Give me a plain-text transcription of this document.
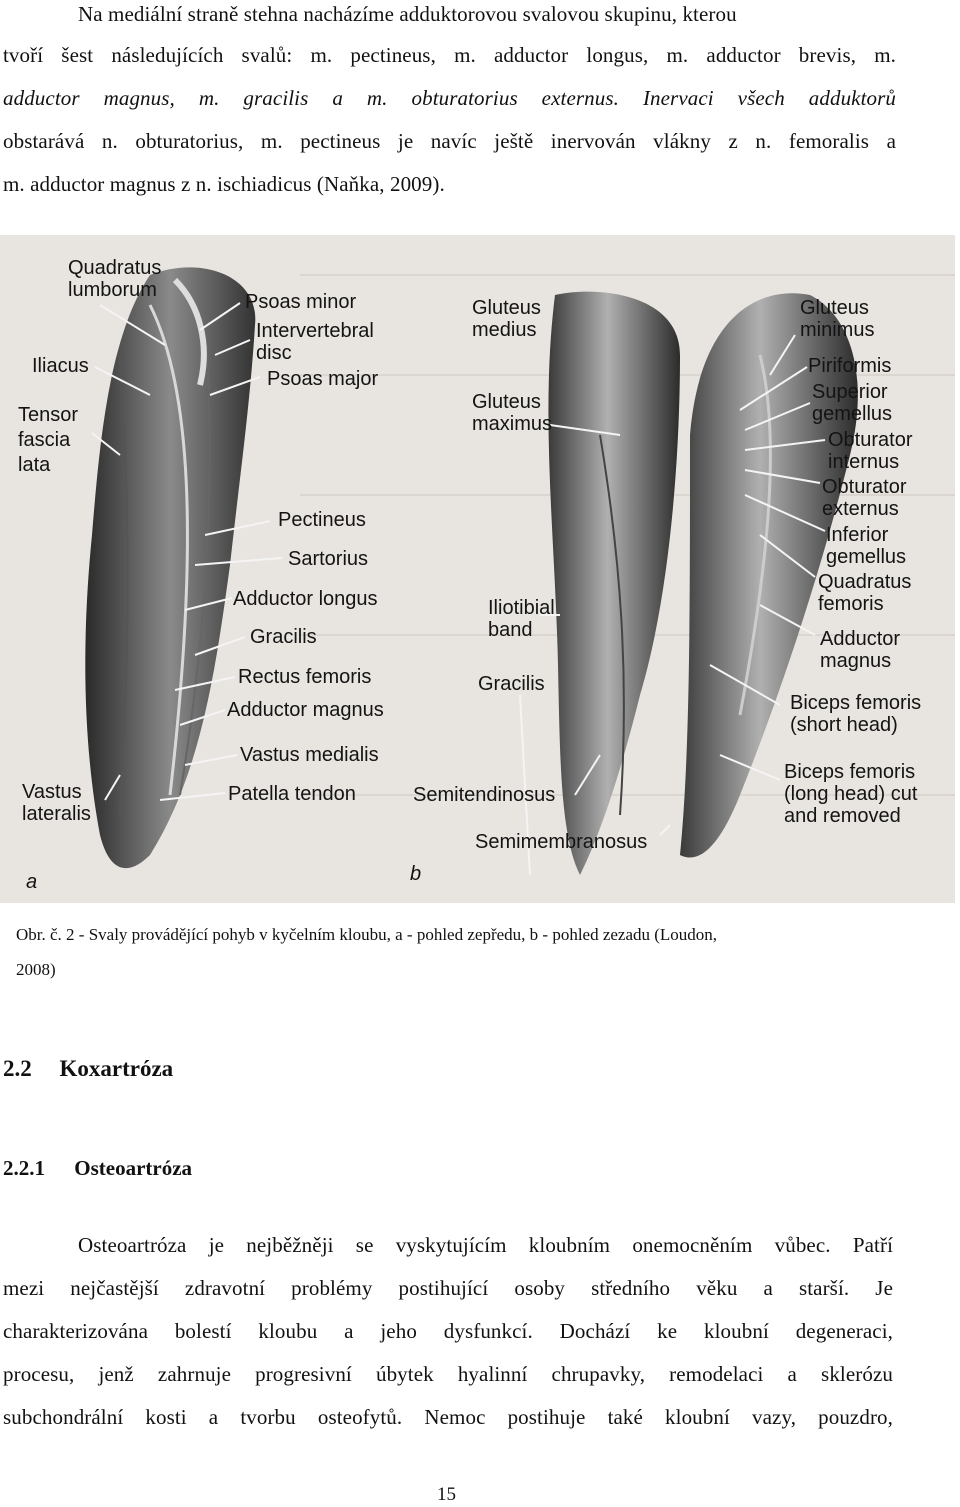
Na mediální straně stehna nacházíme adduktorovou svalovou skupinu, kterou
tvoří šest následujících svalů: m. pectineus, m. adductor longus, m. adductor brevis, m.
adductor magnus, m. gracilis a m. obturatorius externus. Inervaci všech adduktorů
obstarává n. obturatorius, m. pectineus je navíc ještě inervován vlákny z n. femoralis a
m. adductor magnus z n. ischiadicus (Naňka, 2009).
Quadratus
lumborum
Psoas minor
Intervertebral
disc
Psoas major
Iliacus
Tensor
fascia
lata
Pectineus
Sartorius
Adductor longus
Gracilis
Rectus femoris
Adductor magnus
Vastus medialis
Vastus
lateralis
Patella tendon
a
Gluteus
medius
Gluteus
maximus
Gluteus
minimus
Piriformis
Superior
gemellus
Obturator
internus
Obturator
externus
Inferior
gemellus
Quadratus
femoris
Adductor
magnus
Iliotibial
band
Gracilis
Biceps femoris
(short head)
Biceps femoris
(long head) cut
and removed
Semitendinosus
Semimembranosus
b
Obr. č. 2 - Svaly provádějící pohyb v kyčelním kloubu, a - pohled zepředu, b - pohled zezadu (Loudon,
2008)
2.2 Koxartróza
2.2.1 Osteoartróza
Osteoartróza je nejběžněji se vyskytujícím kloubním onemocněním vůbec. Patří
mezi nejčastější zdravotní problémy postihující osoby středního věku a starší. Je
charakterizována bolestí kloubu a jeho dysfunkcí. Dochází ke kloubní degeneraci,
procesu, jenž zahrnuje progresivní úbytek hyalinní chrupavky, remodelaci a sklerózu
subchondrální kosti a tvorbu osteofytů. Nemoc postihuje také kloubní vazy, pouzdro,
15
